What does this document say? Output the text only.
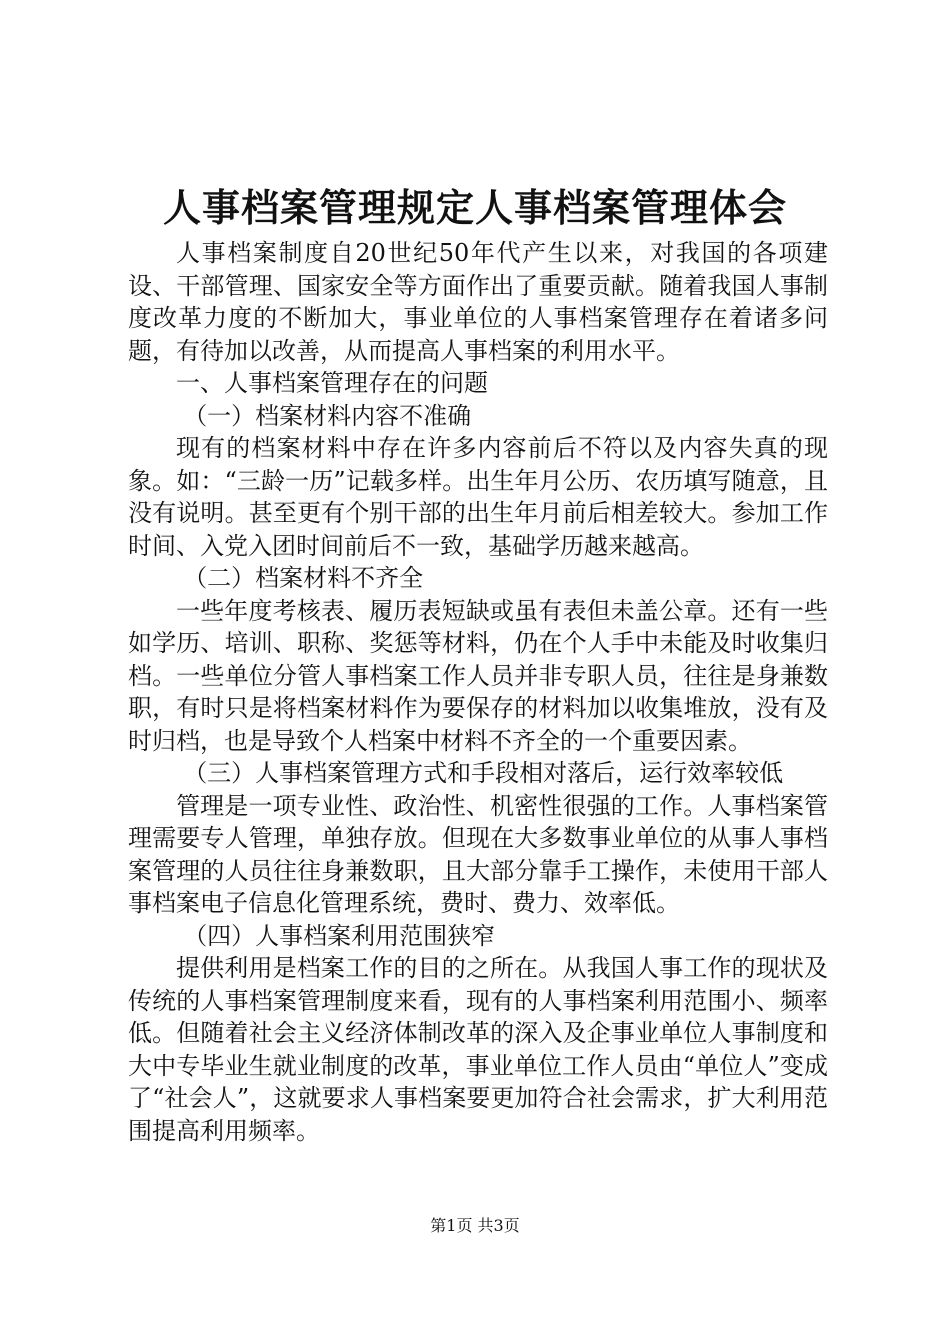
人事档案管理规定人事档案管理体会

人事档案制度自20世纪50年代产生以来，对我国的各项建设、干部管理、国家安全等方面作出了重要贡献。随着我国人事制度改革力度的不断加大，事业单位的人事档案管理存在着诸多问题，有待加以改善，从而提高人事档案的利用水平。

一、人事档案管理存在的问题

（一）档案材料内容不准确

现有的档案材料中存在许多内容前后不符以及内容失真的现象。如：“三龄一历”记载多样。出生年月公历、农历填写随意，且没有说明。甚至更有个别干部的出生年月前后相差较大。参加工作时间、入党入团时间前后不一致，基础学历越来越高。

（二）档案材料不齐全

一些年度考核表、履历表短缺或虽有表但未盖公章。还有一些如学历、培训、职称、奖惩等材料，仍在个人手中未能及时收集归档。一些单位分管人事档案工作人员并非专职人员，往往是身兼数职，有时只是将档案材料作为要保存的材料加以收集堆放，没有及时归档，也是导致个人档案中材料不齐全的一个重要因素。

（三）人事档案管理方式和手段相对落后，运行效率较低

管理是一项专业性、政治性、机密性很强的工作。人事档案管理需要专人管理，单独存放。但现在大多数事业单位的从事人事档案管理的人员往往身兼数职，且大部分靠手工操作，未使用干部人事档案电子信息化管理系统，费时、费力、效率低。

（四）人事档案利用范围狭窄

提供利用是档案工作的目的之所在。从我国人事工作的现状及传统的人事档案管理制度来看，现有的人事档案利用范围小、频率低。但随着社会主义经济体制改革的深入及企事业单位人事制度和大中专毕业生就业制度的改革，事业单位工作人员由“单位人”变成了“社会人”，这就要求人事档案要更加符合社会需求，扩大利用范围提高利用频率。

第1页 共3页
